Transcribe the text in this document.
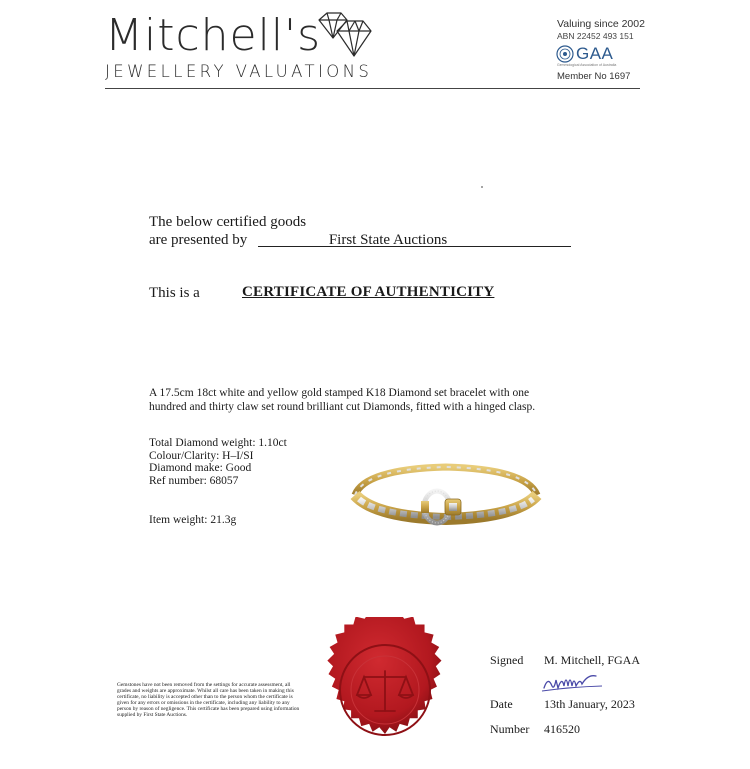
Mitchell's
JEWELLERY VALUATIONS
Valuing since 2002
ABN 22452 493 151
GAA
Gemmological Association of Australia
Member No 1697
The below certified goods
are presented by	First State Auctions
This is a	CERTIFICATE OF AUTHENTICITY
A 17.5cm 18ct white and yellow gold stamped K18 Diamond set bracelet with one hundred and thirty claw set round brilliant cut Diamonds, fitted with a hinged clasp.
Total Diamond weight: 1.10ct
Colour/Clarity: H–I/SI
Diamond make: Good
Ref number: 68057
Item weight: 21.3g
Gemstones have not been removed from the settings for accurate assessment, all grades and weights are approximate. Whilst all care has been taken in making this certificate, no liability is accepted other than to the person whom the certificate is given for any errors or omissions in the certificate, including any liability to any person by reason of negligence. This certificate has been prepared using information supplied by First State Auctions.
Signed M. Mitchell, FGAA
Date	13th January, 2023
Number 416520
